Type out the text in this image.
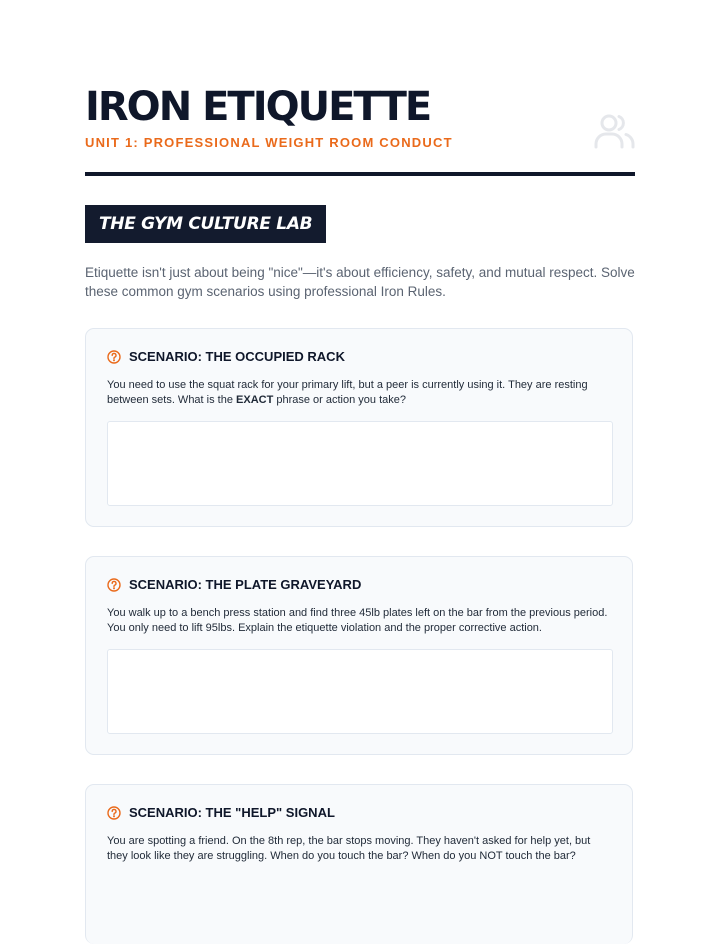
IRON ETIQUETTE
UNIT 1: PROFESSIONAL WEIGHT ROOM CONDUCT
THE GYM CULTURE LAB
Etiquette isn't just about being "nice"—it's about efficiency, safety, and mutual respect. Solve these common gym scenarios using professional Iron Rules.
SCENARIO: THE OCCUPIED RACK
You need to use the squat rack for your primary lift, but a peer is currently using it. They are resting between sets. What is the EXACT phrase or action you take?
SCENARIO: THE PLATE GRAVEYARD
You walk up to a bench press station and find three 45lb plates left on the bar from the previous period. You only need to lift 95lbs. Explain the etiquette violation and the proper corrective action.
SCENARIO: THE "HELP" SIGNAL
You are spotting a friend. On the 8th rep, the bar stops moving. They haven't asked for help yet, but they look like they are struggling. When do you touch the bar? When do you NOT touch the bar?
